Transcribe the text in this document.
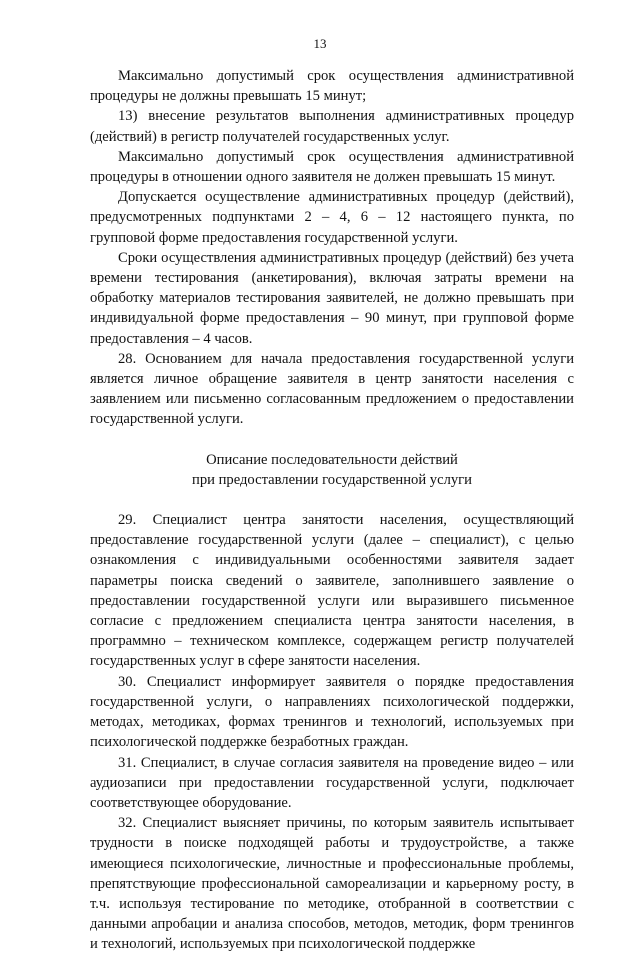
13

Максимально допустимый срок осуществления административной процедуры не должны превышать 15 минут;

13) внесение результатов выполнения административных процедур (действий) в регистр получателей государственных услуг.

Максимально допустимый срок осуществления административной процедуры в отношении одного заявителя не должен превышать 15 минут.

Допускается осуществление административных процедур (действий), предусмотренных подпунктами 2 – 4, 6 – 12 настоящего пункта, по групповой форме предоставления государственной услуги.

Сроки осуществления административных процедур (действий) без учета времени тестирования (анкетирования), включая затраты времени на обработку материалов тестирования заявителей, не должно превышать при индивидуальной форме предоставления – 90 минут, при групповой форме предоставления – 4 часов.

28. Основанием для начала предоставления государственной услуги является личное обращение заявителя в центр занятости населения с заявлением или письменно согласованным предложением о предоставлении государственной услуги.

Описание последовательности действий
при предоставлении государственной услуги

29. Специалист центра занятости населения, осуществляющий предоставление государственной услуги (далее – специалист), с целью ознакомления с индивидуальными особенностями заявителя задает параметры поиска сведений о заявителе, заполнившего заявление о предоставлении государственной услуги или выразившего письменное согласие с предложением специалиста центра занятости населения, в программно – техническом комплексе, содержащем регистр получателей государственных услуг в сфере занятости населения.

30. Специалист информирует заявителя о порядке предоставления государственной услуги, о направлениях психологической поддержки, методах, методиках, формах тренингов и технологий, используемых при психологической поддержке безработных граждан.

31. Специалист, в случае согласия заявителя на проведение видео – или аудиозаписи при предоставлении государственной услуги, подключает соответствующее оборудование.

32. Специалист выясняет причины, по которым заявитель испытывает трудности в поиске подходящей работы и трудоустройстве, а также имеющиеся психологические, личностные и профессиональные проблемы, препятствующие профессиональной самореализации и карьерному росту, в т.ч. используя тестирование по методике, отобранной в соответствии с данными апробации и анализа способов, методов, методик, форм тренингов и технологий, используемых при психологической поддержке
